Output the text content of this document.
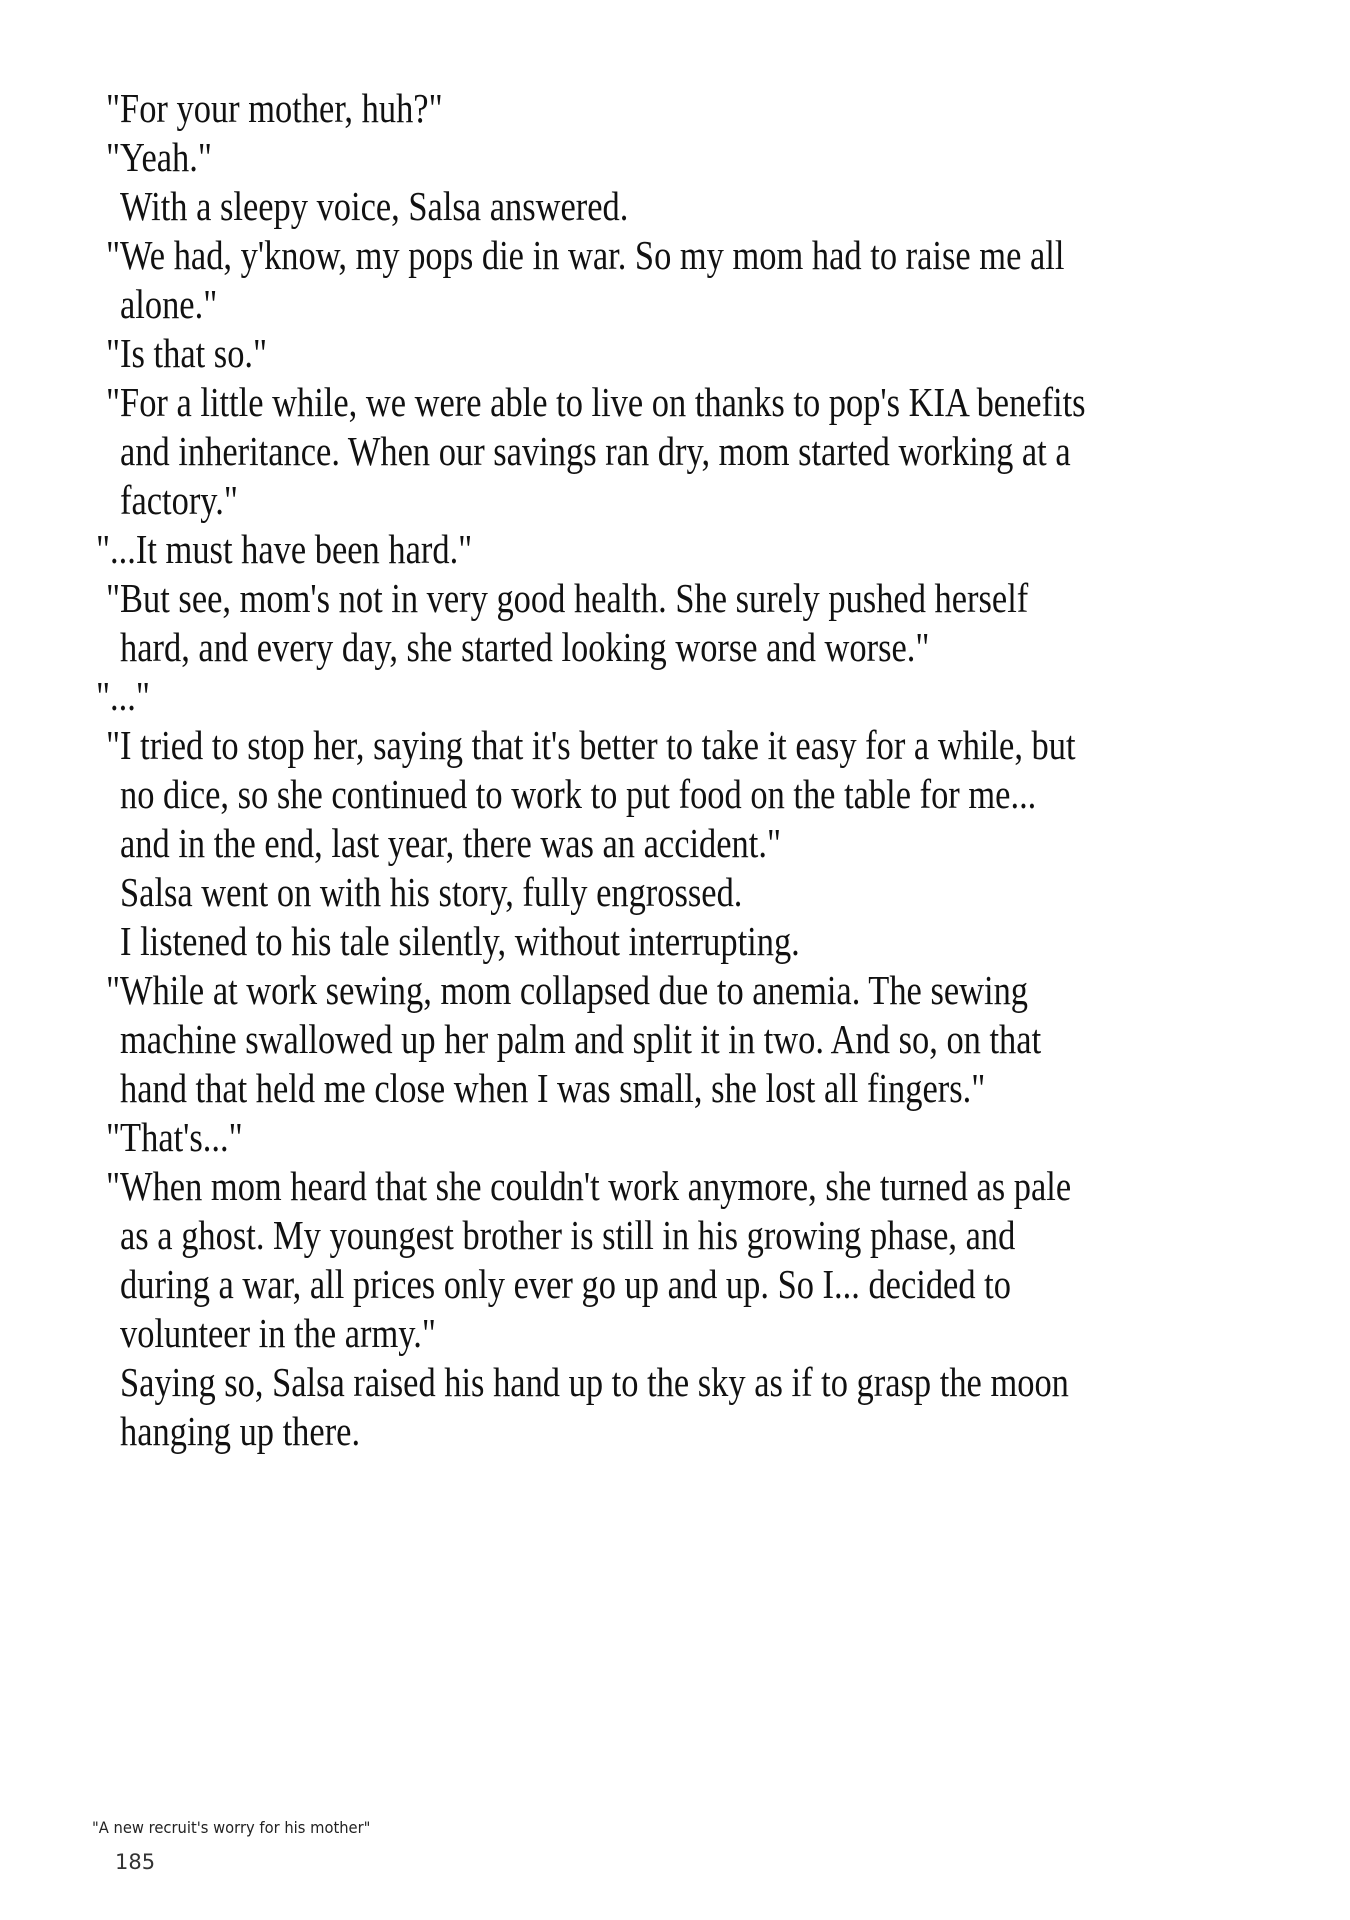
"For your mother, huh?"
"Yeah."
With a sleepy voice, Salsa answered.
"We had, y'know, my pops die in war. So my mom had to raise me all
alone."
"Is that so."
"For a little while, we were able to live on thanks to pop's KIA benefits
and inheritance. When our savings ran dry, mom started working at a
factory."
"...It must have been hard."
"But see, mom's not in very good health. She surely pushed herself
hard, and every day, she started looking worse and worse."
"..."
"I tried to stop her, saying that it's better to take it easy for a while, but
no dice, so she continued to work to put food on the table for me...
and in the end, last year, there was an accident."
Salsa went on with his story, fully engrossed.
I listened to his tale silently, without interrupting.
"While at work sewing, mom collapsed due to anemia. The sewing
machine swallowed up her palm and split it in two. And so, on that
hand that held me close when I was small, she lost all fingers."
"That's..."
"When mom heard that she couldn't work anymore, she turned as pale
as a ghost. My youngest brother is still in his growing phase, and
during a war, all prices only ever go up and up. So I... decided to
volunteer in the army."
Saying so, Salsa raised his hand up to the sky as if to grasp the moon
hanging up there.
"A new recruit's worry for his mother"
185
